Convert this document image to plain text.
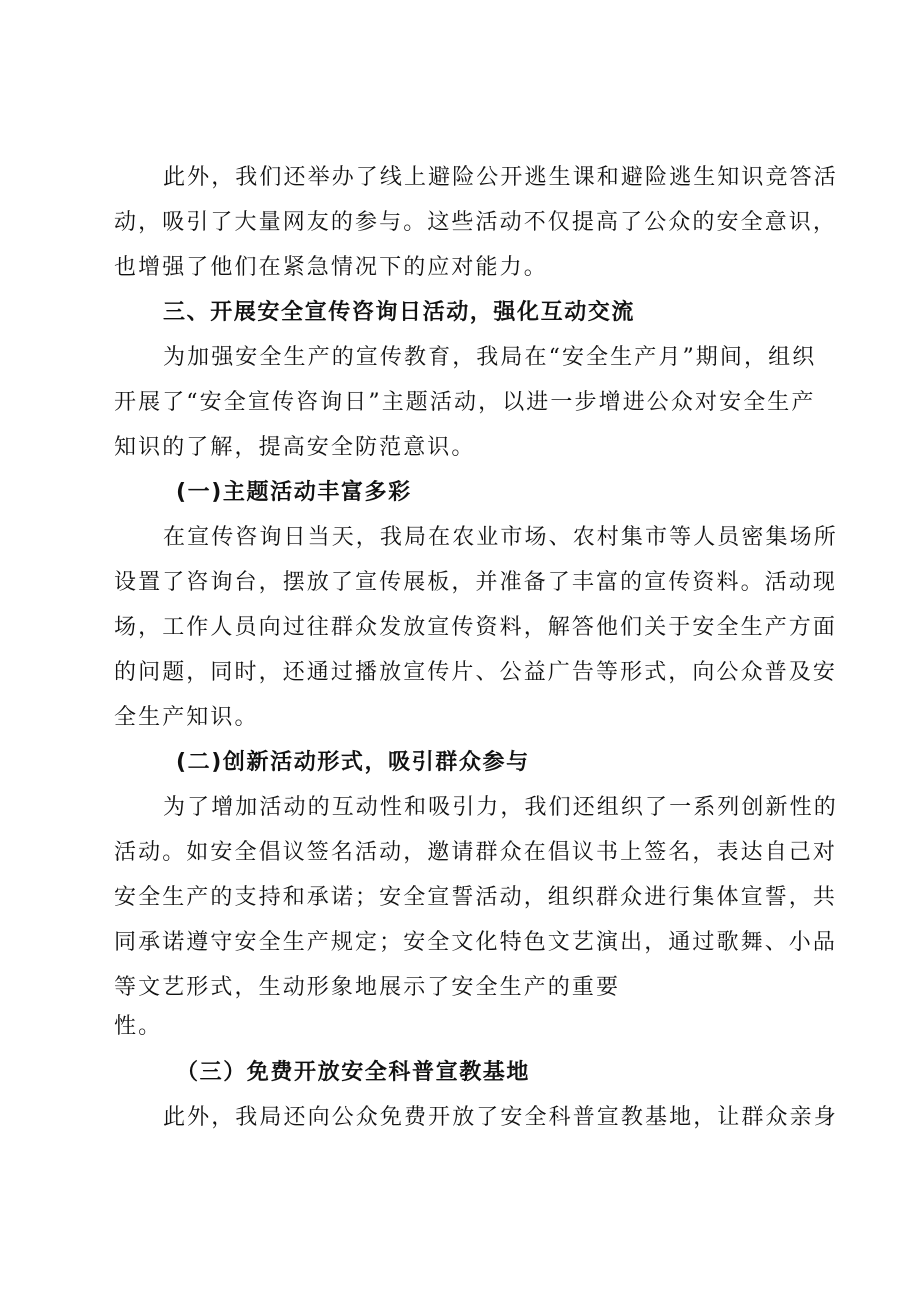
此外，我们还举办了线上避险公开逃生课和避险逃生知识竞答活
动，吸引了大量网友的参与。这些活动不仅提高了公众的安全意识，
也增强了他们在紧急情况下的应对能力。
三、开展安全宣传咨询日活动，强化互动交流
为加强安全生产的宣传教育，我局在“安全生产月”期间，组织
开展了“安全宣传咨询日”主题活动，以进一步增进公众对安全生产
知识的了解，提高安全防范意识。
(一)主题活动丰富多彩
在宣传咨询日当天，我局在农业市场、农村集市等人员密集场所
设置了咨询台，摆放了宣传展板，并准备了丰富的宣传资料。活动现
场，工作人员向过往群众发放宣传资料，解答他们关于安全生产方面
的问题，同时，还通过播放宣传片、公益广告等形式，向公众普及安
全生产知识。
(二)创新活动形式，吸引群众参与
为了增加活动的互动性和吸引力，我们还组织了一系列创新性的
活动。如安全倡议签名活动，邀请群众在倡议书上签名，表达自己对
安全生产的支持和承诺；安全宣誓活动，组织群众进行集体宣誓，共
同承诺遵守安全生产规定；安全文化特色文艺演出，通过歌舞、小品
等文艺形式，生动形象地展示了安全生产的重要
性。
（三）免费开放安全科普宣教基地
此外，我局还向公众免费开放了安全科普宣教基地，让群众亲身
